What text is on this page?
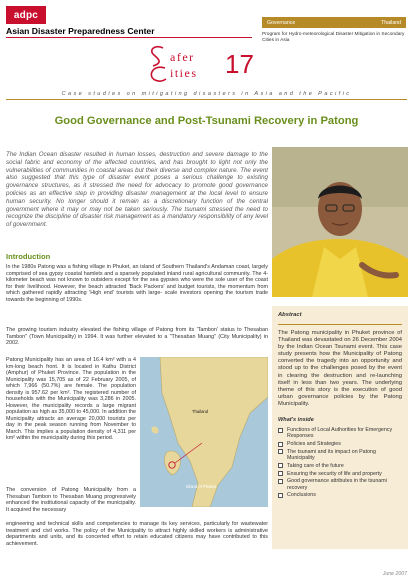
adpc
Asian Disaster Preparedness Center
Governance	Thailand
Program for Hydro-meteorological Disaster Mitigation in Secondary Cities in Asia
afer
ities 17
Case studies on mitigating disasters in Asia and the Pacific
Good Governance and Post-Tsunami Recovery in Patong
The Indian Ocean disaster resulted in human losses, destruction and severe damage to the social fabric and economy of the affected countries, and has brought to light not only the vulnerabilities of communities in coastal areas but their diverse and complex nature. The event also suggested that this type of disaster event poses a serious challenge to existing governance structures, as it stressed the need for advocacy to promote good governance policies as an effective step in providing disaster management at the local level to ensure human security. No longer should it remain as a discretionary function of the central government where it may or may not be taken seriously. The tsunami stressed the need to recognize the discipline of disaster risk management as a mandatory responsibility of any level of government.
Introduction
In the 1980s Patong was a fishing village in Phuket, an island of Southern Thailand's Andaman coast, largely comprised of sea gypsy coastal hamlets and a sparsely populated inland rural agricultural community. The 4-kilometer beach was not known to outsiders except for the sea gypsies who were the sole user of the coast for their livelihood. However, the beach attracted 'Back Packers' and budget tourists, the momentum from which gathered rapidly attracting 'High end' tourists with large- scale investors opening the tourism trade towards the beginning of 1990s.
The growing tourism industry elevated the fishing village of Patong from its 'Tambon' status to Thesaban Tambon" (Town Municipality) in 1994. It was further elevated to a "Thesaban Muang" (City Municipality) in 2002.
Patong Municipality has an area of 16.4 km² with a 4 km-long beach front. It is located in Kathu District (Amphur) of Phuket Province. The population in the Municipality was 15,705 as of 22 February 2005, of which 7,966 (50.7%) are female. The population density is 957.62 per km². The registered number of households with the Municipality was 3,286 in 2005. However, the municipality records a large migrant population as high as 35,000 to 45,000. In addition the Municipality attracts an average 20,000 tourists per day in the peak season running from November to March. This implies a population density of 4,311 per km² within the municipality during this period.
Thailand
Island of Phuket
The conversion of Patong Municipality from a Thesaban Tambon to Thesaban Muang progressively enhanced the institutional capacity of the municipality. It acquired the necessary
engineering and technical skills and competencies to manage its key services, particularly for wastewater treatment and civil works. The policy of the Municipality to attract highly skilled workers is administrative departments and units, and its concerted effort to retain educated citizens may have contributed to this achievement.
Abstract
The Patong municipality in Phuket province of Thailand was devastated on 26 December 2004 by the Indian Ocean Tsunami event. This case study presents how the Municipality of Patong converted the tragedy into an opportunity and stood up to the challenges posed by the event in clearing the destruction and re-launching itself in less than two years. The underlying theme of this story is the execution of good urban governance policies by the Patong Municipality.
What's inside
Functions of Local Authorities for Emergency Responses
Policies and Strategies
The tsunami and its impact on Patong Municipality
Taking care of the future
Ensuring the security of life and property
Good governance attributes in the tsunami recovery
Conclusions
June 2007
